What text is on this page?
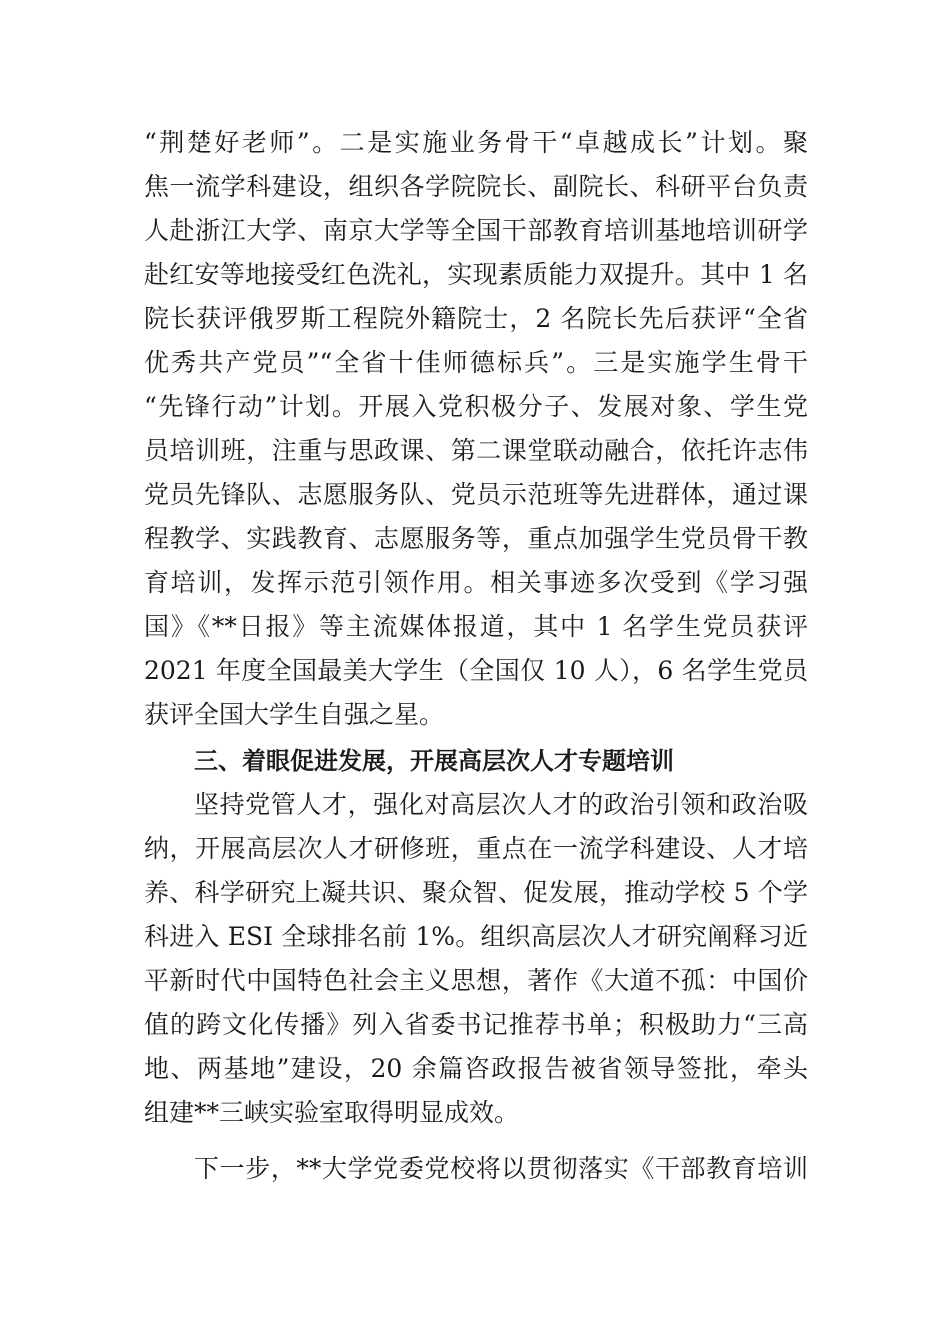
“荆楚好老师”。二是实施业务骨干“卓越成长”计划。聚
焦一流学科建设，组织各学院院长、副院长、科研平台负责
人赴浙江大学、南京大学等全国干部教育培训基地培训研学
赴红安等地接受红色洗礼，实现素质能力双提升。其中 1 名
院长获评俄罗斯工程院外籍院士，2 名院长先后获评“全省
优秀共产党员”“全省十佳师德标兵”。三是实施学生骨干
“先锋行动”计划。开展入党积极分子、发展对象、学生党
员培训班，注重与思政课、第二课堂联动融合，依托许志伟
党员先锋队、志愿服务队、党员示范班等先进群体，通过课
程教学、实践教育、志愿服务等，重点加强学生党员骨干教
育培训，发挥示范引领作用。相关事迹多次受到《学习强
国》《**日报》等主流媒体报道，其中 1 名学生党员获评
2021 年度全国最美大学生（全国仅 10 人），6 名学生党员
获评全国大学生自强之星。
三、着眼促进发展，开展高层次人才专题培训
坚持党管人才，强化对高层次人才的政治引领和政治吸
纳，开展高层次人才研修班，重点在一流学科建设、人才培
养、科学研究上凝共识、聚众智、促发展，推动学校 5 个学
科进入 ESI 全球排名前 1%。组织高层次人才研究阐释习近
平新时代中国特色社会主义思想，著作《大道不孤：中国价
值的跨文化传播》列入省委书记推荐书单；积极助力“三高
地、两基地”建设，20 余篇咨政报告被省领导签批，牵头
组建**三峡实验室取得明显成效。
下一步，**大学党委党校将以贯彻落实《干部教育培训
